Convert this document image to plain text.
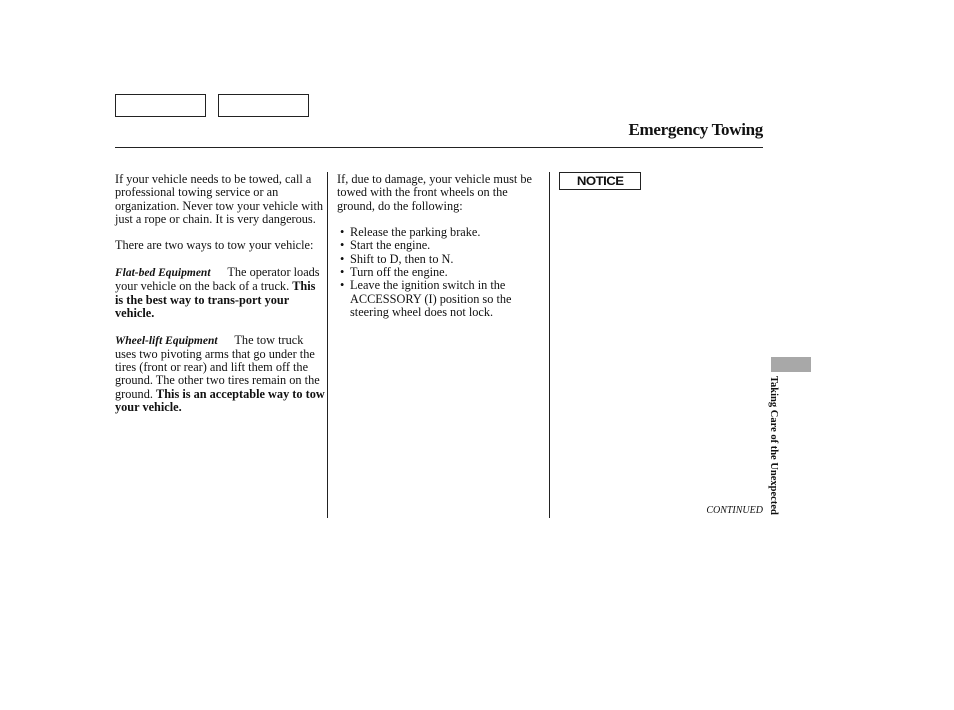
Emergency Towing

If your vehicle needs to be towed, call a professional towing service or an organization. Never tow your vehicle with just a rope or chain. It is very dangerous.

There are two ways to tow your vehicle:

Flat-bed Equipment The operator loads your vehicle on the back of a truck. This is the best way to trans-port your vehicle.

Wheel-lift Equipment The tow truck uses two pivoting arms that go under the tires (front or rear) and lift them off the ground. The other two tires remain on the ground. This is an acceptable way to tow your vehicle.

If, due to damage, your vehicle must be towed with the front wheels on the ground, do the following:

• Release the parking brake.
• Start the engine.
• Shift to D, then to N.
• Turn off the engine.
• Leave the ignition switch in the ACCESSORY (I) position so the steering wheel does not lock.
NOTICE
Taking Care of the Unexpected
CONTINUED
